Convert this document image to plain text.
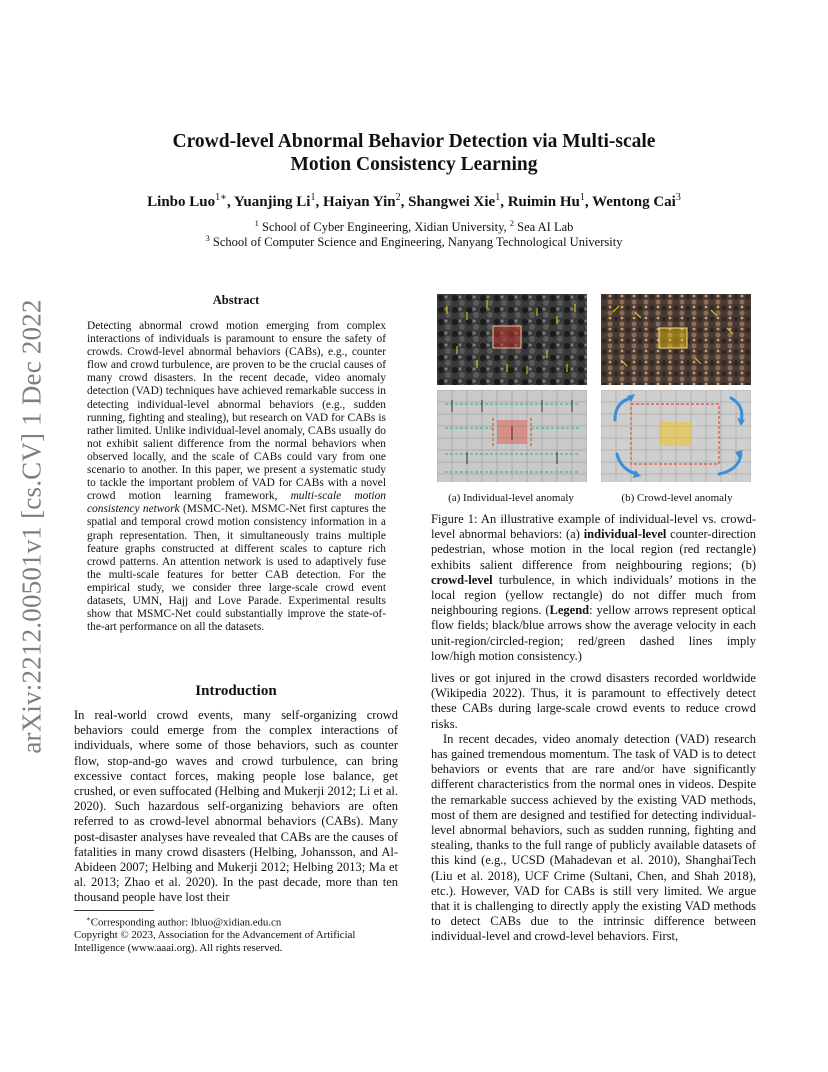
arXiv:2212.00501v1 [cs.CV] 1 Dec 2022
Crowd-level Abnormal Behavior Detection via Multi-scale
Motion Consistency Learning
Linbo Luo$^{1∗}$, Yuanjing Li$^1$, Haiyan Yin$^2$, Shangwei Xie$^1$, Ruimin Hu$^1$, Wentong Cai$^3$
$^1$ School of Cyber Engineering, Xidian University, $^2$ Sea AI Lab
$^3$ School of Computer Science and Engineering, Nanyang Technological University
Abstract
Detecting abnormal crowd motion emerging from complex interactions of individuals is paramount to ensure the safety of crowds. Crowd-level abnormal behaviors (CABs), e.g., counter flow and crowd turbulence, are proven to be the crucial causes of many crowd disasters. In the recent decade, video anomaly detection (VAD) techniques have achieved remarkable success in detecting individual-level abnormal behaviors (e.g., sudden running, fighting and stealing), but research on VAD for CABs is rather limited. Unlike individual-level anomaly, CABs usually do not exhibit salient difference from the normal behaviors when observed locally, and the scale of CABs could vary from one scenario to another. In this paper, we present a systematic study to tackle the important problem of VAD for CABs with a novel crowd motion learning framework, multi-scale motion consistency network (MSMC-Net). MSMC-Net first captures the spatial and temporal crowd motion consistency information in a graph representation. Then, it simultaneously trains multiple feature graphs constructed at different scales to capture rich crowd patterns. An attention network is used to adaptively fuse the multi-scale features for better CAB detection. For the empirical study, we consider three large-scale crowd event datasets, UMN, Hajj and Love Parade. Experimental results show that MSMC-Net could substantially improve the state-of-the-art performance on all the datasets.
Introduction

In real-world crowd events, many self-organizing crowd behaviors could emerge from the complex interactions of individuals, where some of those behaviors, such as counter flow, stop-and-go waves and crowd turbulence, can bring excessive contact forces, making people lose balance, get crushed, or even suffocated (Helbing and Mukerji 2012; Li et al. 2020). Such hazardous self-organizing behaviors are often referred to as crowd-level abnormal behaviors (CABs). Many post-disaster analyses have revealed that CABs are the causes of fatalities in many crowd disasters (Helbing, Johansson, and Al-Abideen 2007; Helbing and Mukerji 2012; Helbing 2013; Ma et al. 2013; Zhao et al. 2020). In the past decade, more than ten thousand people have lost their

∗Corresponding author: lbluo@xidian.edu.cn
Copyright © 2023, Association for the Advancement of Artificial Intelligence (www.aaai.org). All rights reserved.
(a) Individual-level anomaly	(b) Crowd-level anomaly
Figure 1: An illustrative example of individual-level vs. crowd-level abnormal behaviors: (a) individual-level counter-direction pedestrian, whose motion in the local region (red rectangle) exhibits salient difference from neighbouring regions; (b) crowd-level turbulence, in which individuals’ motions in the local region (yellow rectangle) do not differ much from neighbouring regions. (Legend: yellow arrows represent optical flow fields; black/blue arrows show the average velocity in each unit-region/circled-region; red/green dashed lines imply low/high motion consistency.)

lives or got injured in the crowd disasters recorded worldwide (Wikipedia 2022). Thus, it is paramount to effectively detect these CABs during large-scale crowd events to reduce crowd risks.

In recent decades, video anomaly detection (VAD) research has gained tremendous momentum. The task of VAD is to detect behaviors or events that are rare and/or have significantly different characteristics from the normal ones in videos. Despite the remarkable success achieved by the existing VAD methods, most of them are designed and testified for detecting individual-level abnormal behaviors, such as sudden running, fighting and stealing, thanks to the full range of publicly available datasets of this kind (e.g., UCSD (Mahadevan et al. 2010), ShanghaiTech (Liu et al. 2018), UCF Crime (Sultani, Chen, and Shah 2018), etc.). However, VAD for CABs is still very limited. We argue that it is challenging to directly apply the existing VAD methods to detect CABs due to the intrinsic difference between individual-level and crowd-level behaviors. First,
